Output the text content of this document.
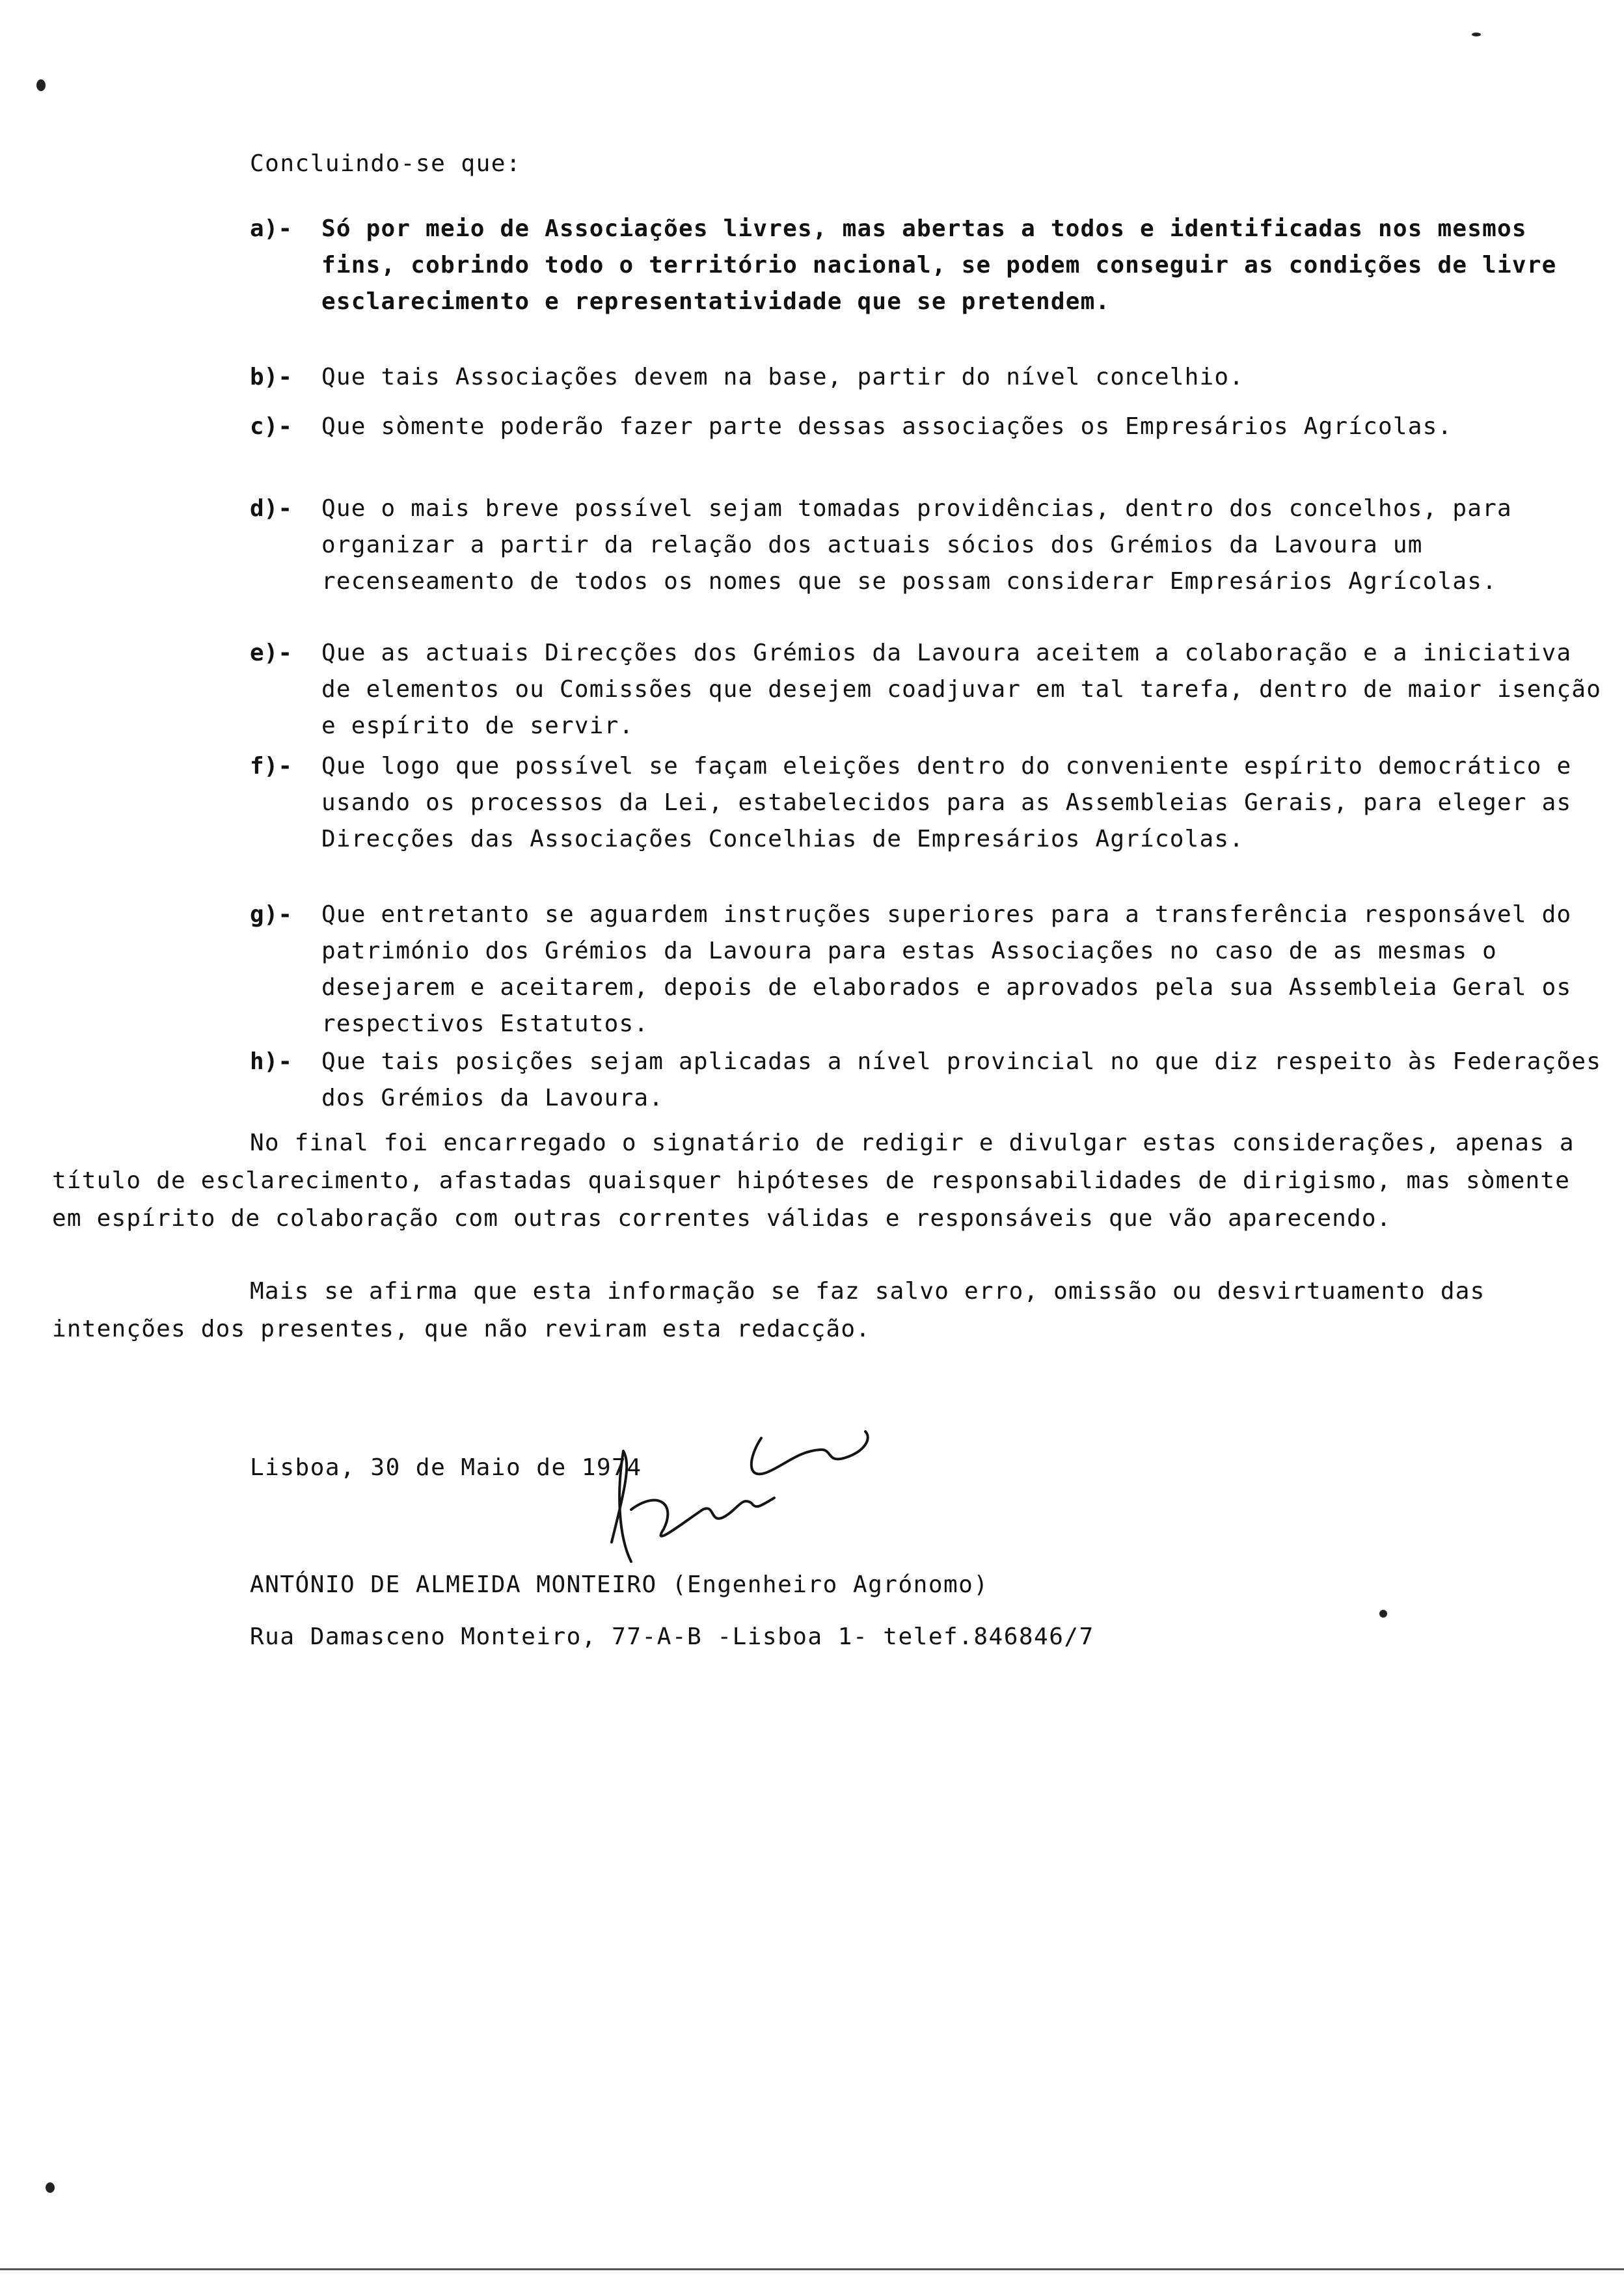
Concluindo-se que:
a)-	Só por meio de Associações livres, mas abertas a todos e identificadas nos mesmos fins, cobrindo todo o território nacional, se podem conseguir as condições de livre esclarecimento e representatividade que se pretendem.
b)-	Que tais Associações devem na base, partir do nível concelhio.
c)-	Que sòmente poderão fazer parte dessas associações os Empresários Agrícolas.
d)-	Que o mais breve possível sejam tomadas providências, dentro dos concelhos, para organizar a partir da relação dos actuais sócios dos Grémios da Lavoura um recenseamento de todos os nomes que se possam considerar Empresários Agrícolas.
e)-	Que as actuais Direcções dos Grémios da Lavoura aceitem a colaboração e a iniciativa de elementos ou Comissões que desejem coadjuvar em tal tarefa, dentro de maior isenção e espírito de servir.
f)-	Que logo que possível se façam eleições dentro do conveniente espírito democrático e usando os processos da Lei, estabelecidos para as Assembleias Gerais, para eleger as Direcções das Associações Concelhias de Empresários Agrícolas.
g)-	Que entretanto se aguardem instruções superiores para a transferência responsável do património dos Grémios da Lavoura para estas Associações no caso de as mesmas o desejarem e aceitarem, depois de elaborados e aprovados pela sua Assembleia Geral os respectivos Estatutos.
h)-	Que tais posições sejam aplicadas a nível provincial no que diz respeito às Federações dos Grémios da Lavoura.
No final foi encarregado o signatário de redigir e divulgar estas considerações, apenas a título de esclarecimento, afastadas quaisquer hipóteses de responsabilidades de dirigismo, mas sòmente em espírito de colaboração com outras correntes válidas e responsáveis que vão aparecendo.
Mais se afirma que esta informação se faz salvo erro, omissão ou desvirtuamento das intenções dos presentes, que não reviram esta redacção.
Lisboa, 30 de Maio de 1974
ANTÓNIO DE ALMEIDA MONTEIRO (Engenheiro Agrónomo)
Rua Damasceno Monteiro, 77-A-B -Lisboa 1- telef.846846/7
